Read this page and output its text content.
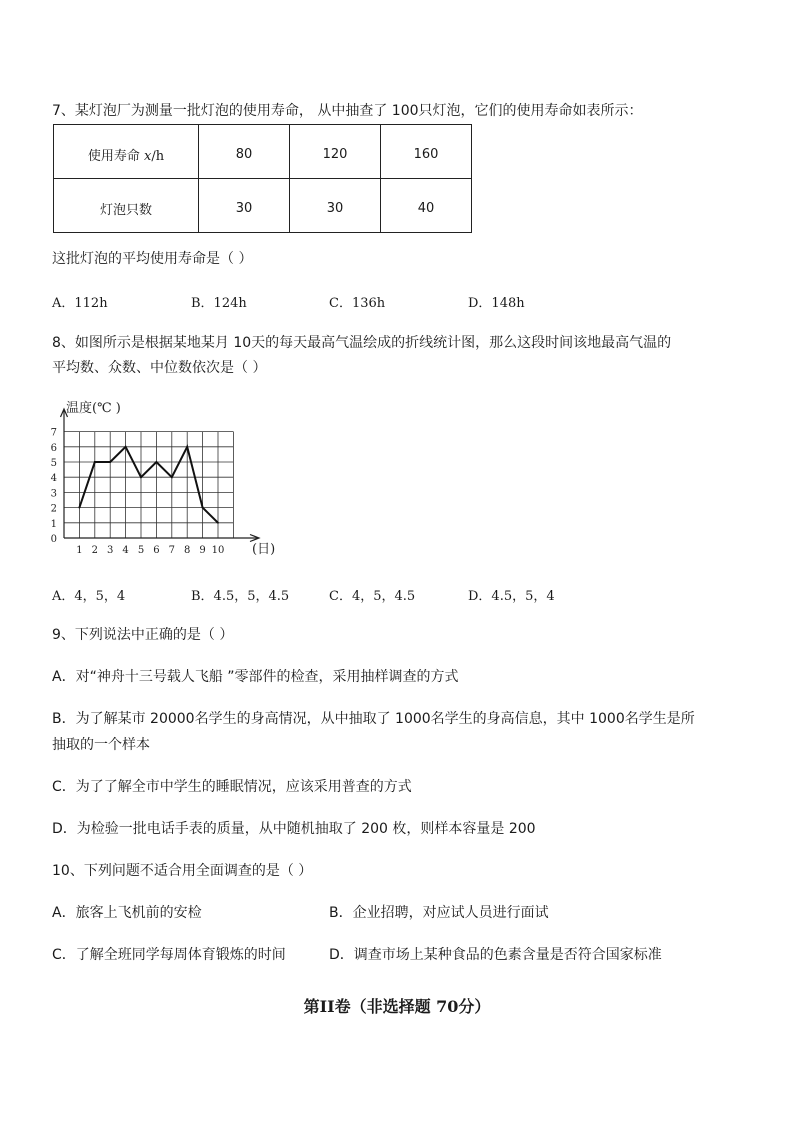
7、某灯泡厂为测量一批灯泡的使用寿命， 从中抽查了 100只灯泡，它们的使用寿命如表所示：
使用寿命 x/h	80	120	160
灯泡只数	30	30	40
这批灯泡的平均使用寿命是（ ）
A．112h	B．124h	C．136h	D．148h
8、如图所示是根据某地某月 10天的每天最高气温绘成的折线统计图，那么这段时间该地最高气温的
平均数、众数、中位数依次是（ ）
0
1
2
3
4
5
6
7
1 2 3 4 5 6 7 8 9 10
温度(℃ )
(日)
A．4，5，4	B．4.5，5，4.5	C．4，5，4.5	D．4.5，5，4
9、下列说法中正确的是（ ）
A．对“神舟十三号载人飞船 ”零部件的检查，采用抽样调查的方式
B．为了解某市 20000名学生的身高情况，从中抽取了 1000名学生的身高信息，其中 1000名学生是所
抽取的一个样本
C．为了了解全市中学生的睡眠情况，应该采用普查的方式
D．为检验一批电话手表的质量，从中随机抽取了 200 枚，则样本容量是 200
10、下列问题不适合用全面调查的是（ ）
A．旅客上飞机前的安检	B．企业招聘，对应试人员进行面试
C．了解全班同学每周体育锻炼的时间	D．调查市场上某种食品的色素含量是否符合国家标准
第II卷（非选择题 70分）
